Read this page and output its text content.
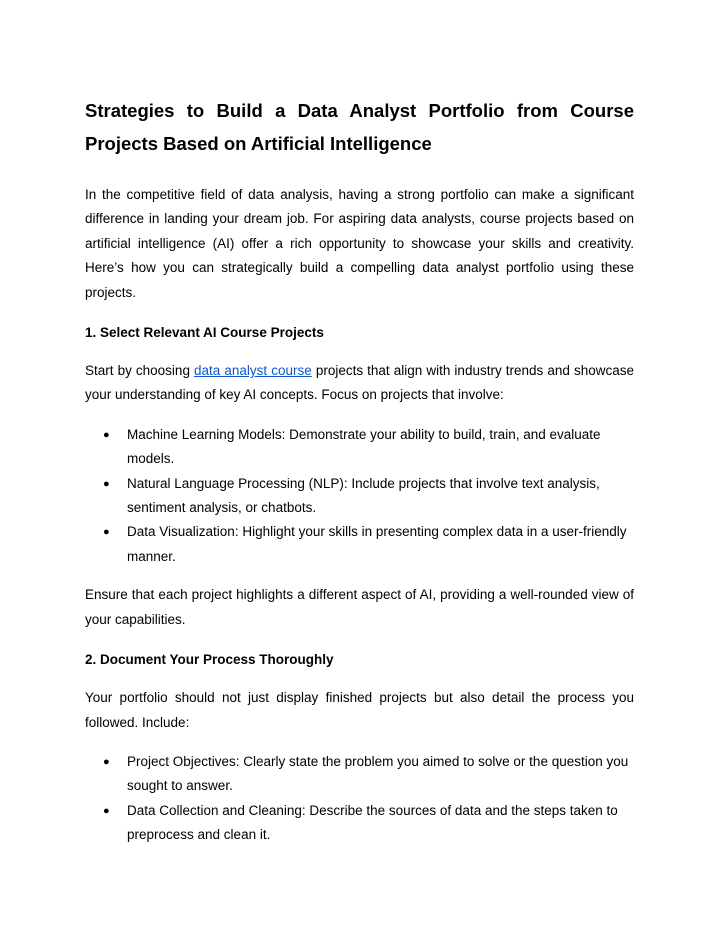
Strategies to Build a Data Analyst Portfolio from Course Projects Based on Artificial Intelligence

In the competitive field of data analysis, having a strong portfolio can make a significant difference in landing your dream job. For aspiring data analysts, course projects based on artificial intelligence (AI) offer a rich opportunity to showcase your skills and creativity. Here’s how you can strategically build a compelling data analyst portfolio using these projects.

1. Select Relevant AI Course Projects

Start by choosing data analyst course projects that align with industry trends and showcase your understanding of key AI concepts. Focus on projects that involve:

● Machine Learning Models: Demonstrate your ability to build, train, and evaluate models.
● Natural Language Processing (NLP): Include projects that involve text analysis, sentiment analysis, or chatbots.
● Data Visualization: Highlight your skills in presenting complex data in a user-friendly manner.

Ensure that each project highlights a different aspect of AI, providing a well-rounded view of your capabilities.

2. Document Your Process Thoroughly

Your portfolio should not just display finished projects but also detail the process you followed. Include:

● Project Objectives: Clearly state the problem you aimed to solve or the question you sought to answer.
● Data Collection and Cleaning: Describe the sources of data and the steps taken to preprocess and clean it.
